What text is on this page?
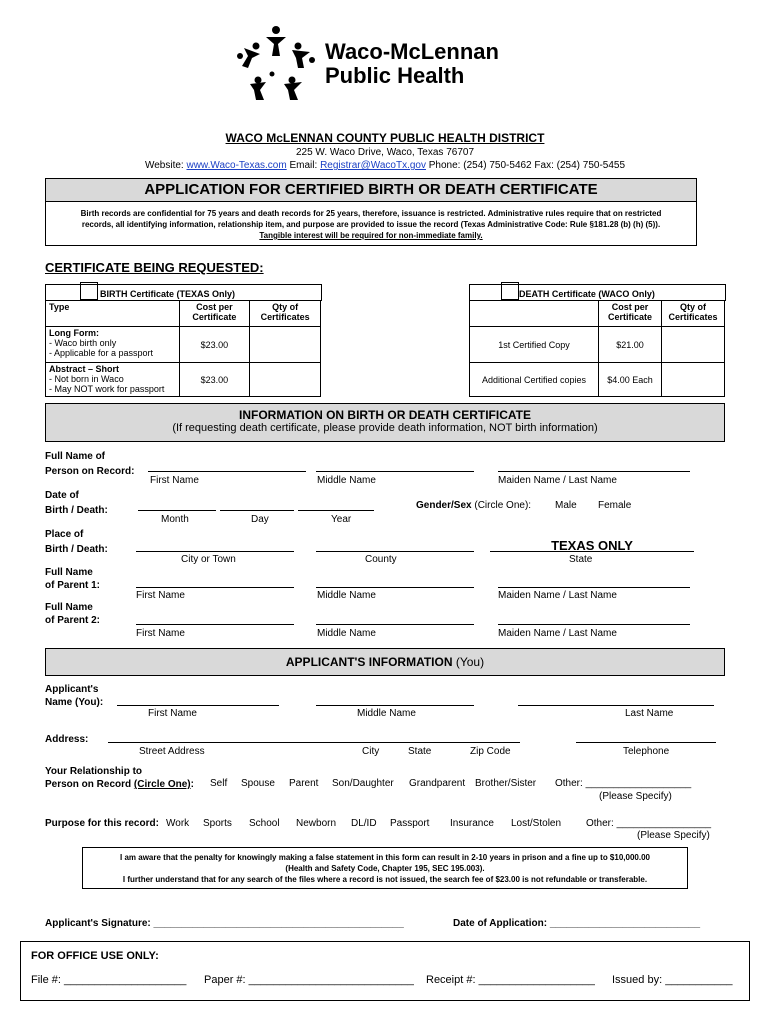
Waco-McLennan
Public Health
WACO McLENNAN COUNTY PUBLIC HEALTH DISTRICT
225 W. Waco Drive, Waco, Texas 76707
Website: www.Waco-Texas.com Email: Registrar@WacoTx.gov Phone: (254) 750-5462 Fax: (254) 750-5455
APPLICATION FOR CERTIFIED BIRTH OR DEATH CERTIFICATE
Birth records are confidential for 75 years and death records for 25 years, therefore, issuance is restricted. Administrative rules require that on restricted
records, all identifying information, relationship item, and purpose are provided to issue the record (Texas Administrative Code: Rule §181.28 (b) (h) (5)).
Tangible interest will be required for non-immediate family.
CERTIFICATE BEING REQUESTED:
BIRTH Certificate (TEXAS Only)
Type	Cost per Certificate	Qty of Certificates

Long Form:
- Waco birth only
- Applicable for a passport	$23.00	

Abstract – Short
- Not born in Waco
- May NOT work for passport	$23.00	
DEATH Certificate (WACO Only)
	Cost per Certificate	Qty of Certificates
1st Certified Copy	$21.00	
Additional Certified copies	$4.00 Each	
INFORMATION ON BIRTH OR DEATH CERTIFICATE
(If requesting death certificate, please provide death information, NOT birth information)
Full Name of
Person on Record:
First Name	Middle Name	Maiden Name / Last Name
Date of
Birth / Death:
Month	Day	Year
Gender/Sex (Circle One): Male Female
Place of
Birth / Death:	TEXAS ONLY
City or Town	County	State
Full Name
of Parent 1:
First Name	Middle Name	Maiden Name / Last Name
Full Name
of Parent 2:
First Name	Middle Name	Maiden Name / Last Name
APPLICANT'S INFORMATION (You)
Applicant's
Name (You):
First Name	Middle Name	Last Name
Address:
Street Address	City	State	Zip Code	Telephone
Your Relationship to
Person on Record (Circle One): Self Spouse Parent Son/Daughter Grandparent Brother/Sister Other: ___________________
(Please Specify)
Purpose for this record: Work Sports School Newborn DL/ID Passport Insurance Lost/Stolen Other: _________________
(Please Specify)
I am aware that the penalty for knowingly making a false statement in this form can result in 2-10 years in prison and a fine up to $10,000.00
(Health and Safety Code, Chapter 195, SEC 195.003).
I further understand that for any search of the files where a record is not issued, the search fee of $23.00 is not refundable or transferable.
Applicant's Signature: _____________________________________________	Date of Application: ___________________________
FOR OFFICE USE ONLY:
File #: ____________________ Paper #: ___________________________ Receipt #: ___________________ Issued by: ___________
